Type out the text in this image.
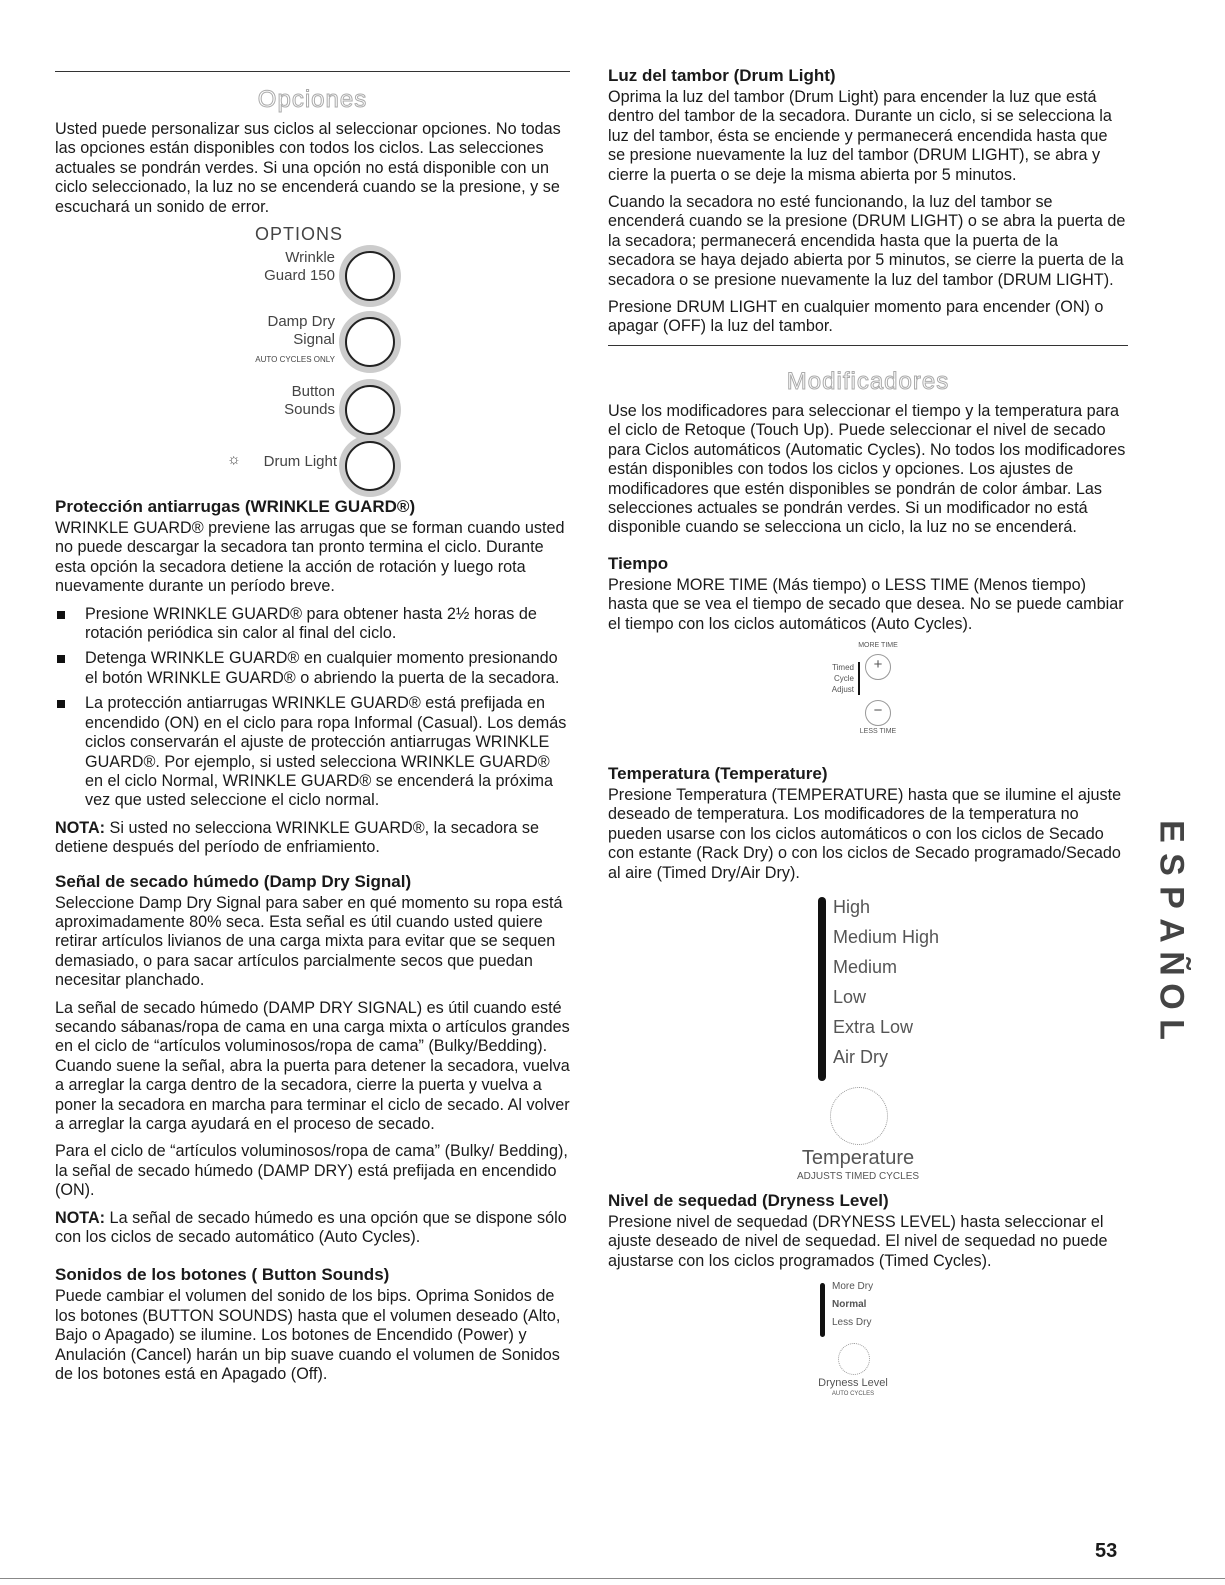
Opciones

Usted puede personalizar sus ciclos al seleccionar opciones. No todas las opciones están disponibles con todos los ciclos. Las selecciones actuales se pondrán verdes. Si una opción no está disponible con un ciclo seleccionado, la luz no se encenderá cuando se la presione, y se escuchará un sonido de error.

OPTIONS
Wrinkle
Guard 150
Damp Dry
Signal
AUTO CYCLES ONLY
Button
Sounds
☼	Drum Light
Protección antiarrugas (WRINKLE GUARD®)

WRINKLE GUARD® previene las arrugas que se forman cuando usted no puede descargar la secadora tan pronto termina el ciclo. Durante esta opción la secadora detiene la acción de rotación y luego rota nuevamente durante un período breve.

Presione WRINKLE GUARD® para obtener hasta 2½ horas de rotación periódica sin calor al final del ciclo.
Detenga WRINKLE GUARD® en cualquier momento presionando el botón WRINKLE GUARD® o abriendo la puerta de la secadora.
La protección antiarrugas WRINKLE GUARD® está prefijada en encendido (ON) en el ciclo para ropa Informal (Casual). Los demás ciclos conservarán el ajuste de protección antiarrugas WRINKLE GUARD®. Por ejemplo, si usted selecciona WRINKLE GUARD® en el ciclo Normal, WRINKLE GUARD® se encenderá la próxima vez que usted seleccione el ciclo normal.

NOTA: Si usted no selecciona WRINKLE GUARD®, la secadora se detiene después del período de enfriamiento.

Señal de secado húmedo (Damp Dry Signal)

Seleccione Damp Dry Signal para saber en qué momento su ropa está aproximadamente 80% seca. Esta señal es útil cuando usted quiere retirar artículos livianos de una carga mixta para evitar que se sequen demasiado, o para sacar artículos parcialmente secos que puedan necesitar planchado.

La señal de secado húmedo (DAMP DRY SIGNAL) es útil cuando esté secando sábanas/ropa de cama en una carga mixta o artículos grandes en el ciclo de “artículos voluminosos/ropa de cama” (Bulky/Bedding). Cuando suene la señal, abra la puerta para detener la secadora, vuelva a arreglar la carga dentro de la secadora, cierre la puerta y vuelva a poner la secadora en marcha para terminar el ciclo de secado. Al volver a arreglar la carga ayudará en el proceso de secado.

Para el ciclo de “artículos voluminosos/ropa de cama” (Bulky/ Bedding), la señal de secado húmedo (DAMP DRY) está prefijada en encendido (ON).

NOTA: La señal de secado húmedo es una opción que se dispone sólo con los ciclos de secado automático (Auto Cycles).

Sonidos de los botones ( Button Sounds)

Puede cambiar el volumen del sonido de los bips. Oprima Sonidos de los botones (BUTTON SOUNDS) hasta que el volumen deseado (Alto, Bajo o Apagado) se ilumine. Los botones de Encendido (Power) y Anulación (Cancel) harán un bip suave cuando el volumen de Sonidos de los botones está en Apagado (Off).

Luz del tambor (Drum Light)

Oprima la luz del tambor (Drum Light) para encender la luz que está dentro del tambor de la secadora. Durante un ciclo, si se selecciona la luz del tambor, ésta se enciende y permanecerá encendida hasta que se presione nuevamente la luz del tambor (DRUM LIGHT), se abra y cierre la puerta o se deje la misma abierta por 5 minutos.

Cuando la secadora no esté funcionando, la luz del tambor se encenderá cuando se la presione (DRUM LIGHT) o se abra la puerta de la secadora; permanecerá encendida hasta que la puerta de la secadora se haya dejado abierta por 5 minutos, se cierre la puerta de la secadora o se presione nuevamente la luz del tambor (DRUM LIGHT).

Presione DRUM LIGHT en cualquier momento para encender (ON) o apagar (OFF) la luz del tambor.

Modificadores

Use los modificadores para seleccionar el tiempo y la temperatura para el ciclo de Retoque (Touch Up). Puede seleccionar el nivel de secado para Ciclos automáticos (Automatic Cycles). No todos los modificadores están disponibles con todos los ciclos y opciones. Los ajustes de modificadores que estén disponibles se pondrán de color ámbar. Las selecciones actuales se pondrán verdes. Si un modificador no está disponible cuando se selecciona un ciclo, la luz no se encenderá.

Tiempo

Presione MORE TIME (Más tiempo) o LESS TIME (Menos tiempo) hasta que se vea el tiempo de secado que desea. No se puede cambiar el tiempo con los ciclos automáticos (Auto Cycles).

MORE TIME
+
Timed
Cycle
Adjust
−
LESS TIME
Temperatura (Temperature)

Presione Temperatura (TEMPERATURE) hasta que se ilumine el ajuste deseado de temperatura. Los modificadores de la temperatura no pueden usarse con los ciclos automáticos o con los ciclos de Secado con estante (Rack Dry) o con los ciclos de Secado programado/Secado al aire (Timed Dry/Air Dry).

High
Medium High
Medium
Low
Extra Low
Air Dry
Temperature
ADJUSTS TIMED CYCLES
Nivel de sequedad (Dryness Level)

Presione nivel de sequedad (DRYNESS LEVEL) hasta seleccionar el ajuste deseado de nivel de sequedad. El nivel de sequedad no puede ajustarse con los ciclos programados (Timed Cycles).

More Dry
Normal
Less Dry
Dryness Level
AUTO CYCLES
E
S
P
A
Ñ
O
L
53
